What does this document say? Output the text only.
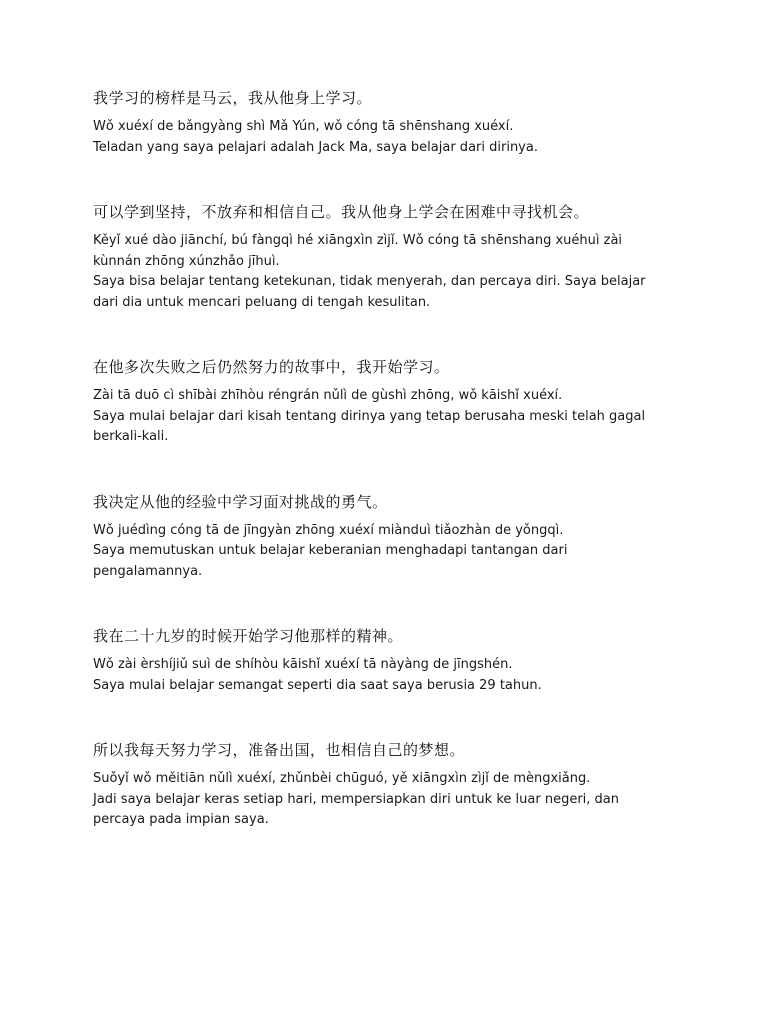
我学习的榜样是马云，我从他身上学习。

Wǒ xuéxí de bǎngyàng shì Mǎ Yún, wǒ cóng tā shēnshang xuéxí.

Teladan yang saya pelajari adalah Jack Ma, saya belajar dari dirinya.

可以学到坚持，不放弃和相信自己。我从他身上学会在困难中寻找机会。

Kěyǐ xué dào jiānchí, bú fàngqì hé xiāngxìn zìjǐ. Wǒ cóng tā shēnshang xuéhuì zài kùnnán zhōng xúnzhǎo jīhuì.

Saya bisa belajar tentang ketekunan, tidak menyerah, dan percaya diri. Saya belajar dari dia untuk mencari peluang di tengah kesulitan.

在他多次失败之后仍然努力的故事中，我开始学习。

Zài tā duō cì shībài zhīhòu réngrán nǔlì de gùshì zhōng, wǒ kāishǐ xuéxí.

Saya mulai belajar dari kisah tentang dirinya yang tetap berusaha meski telah gagal berkali-kali.

我决定从他的经验中学习面对挑战的勇气。

Wǒ juédìng cóng tā de jīngyàn zhōng xuéxí miànduì tiǎozhàn de yǒngqì.

Saya memutuskan untuk belajar keberanian menghadapi tantangan dari pengalamannya.

我在二十九岁的时候开始学习他那样的精神。

Wǒ zài èrshíjiǔ suì de shíhòu kāishǐ xuéxí tā nàyàng de jīngshén.

Saya mulai belajar semangat seperti dia saat saya berusia 29 tahun.

所以我每天努力学习，准备出国，也相信自己的梦想。

Suǒyǐ wǒ měitiān nǔlì xuéxí, zhǔnbèi chūguó, yě xiāngxìn zìjǐ de mèngxiǎng.

Jadi saya belajar keras setiap hari, mempersiapkan diri untuk ke luar negeri, dan percaya pada impian saya.
